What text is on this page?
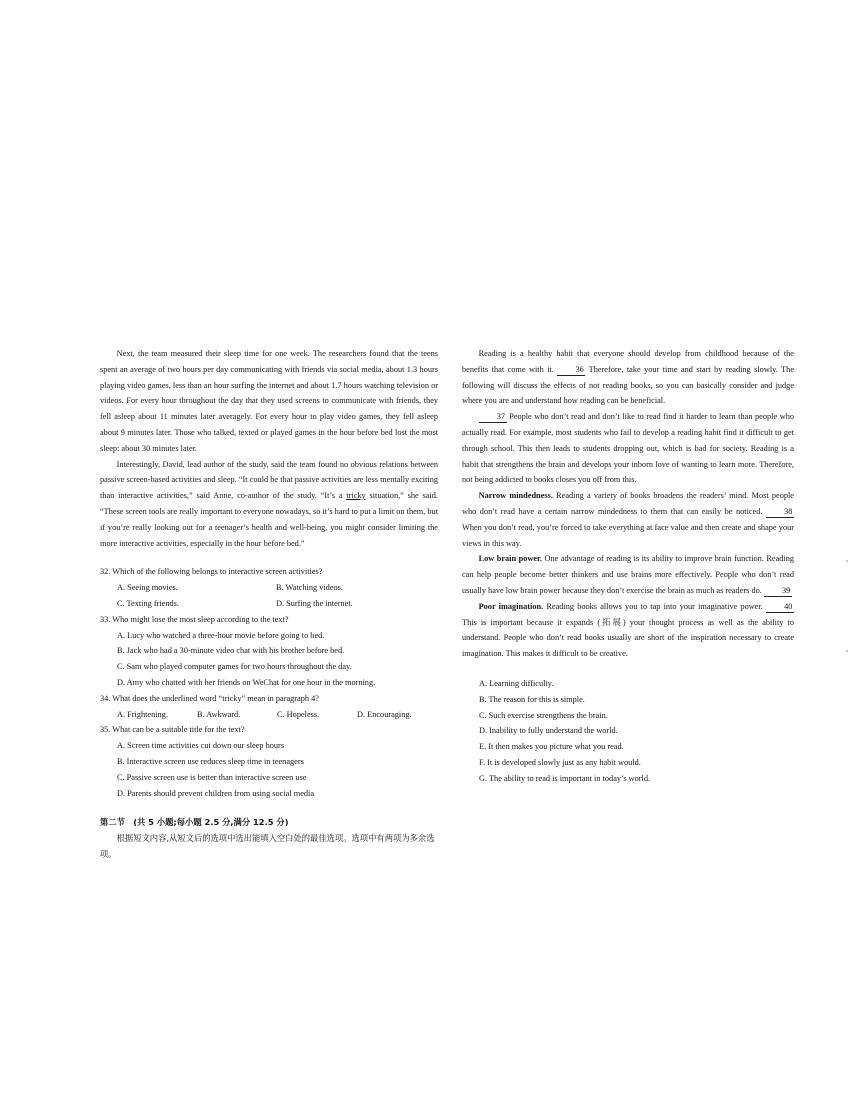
Next, the team measured their sleep time for one week. The researchers found that the teens spent an average of two hours per day communicating with friends via social media, about 1.3 hours playing video games, less than an hour surfing the internet and about 1.7 hours watching television or videos. For every hour throughout the day that they used screens to communicate with friends, they fell asleep about 11 minutes later averagely. For every hour to play video games, they fell asleep about 9 minutes later. Those who talked, texted or played games in the hour before bed lost the most sleep: about 30 minutes later.

Interestingly, David, lead author of the study, said the team found no obvious relations between passive screen-based activities and sleep. “It could be that passive activities are less mentally exciting than interactive activities,” said Anne, co-author of the study. “It’s a tricky situation,” she said. “These screen tools are really important to everyone nowadays, so it’s hard to put a limit on them, but if you’re really looking out for a teenager’s health and well-being, you might consider limiting the more interactive activities, especially in the hour before bed.”

32. Which of the following belongs to interactive screen activities?
A. Seeing movies.	B. Watching videos.
C. Texting friends.	D. Surfing the internet.
33. Who might lose the most sleep according to the text?
A. Lucy who watched a three-hour movie before going to bed.
B. Jack who had a 30-minute video chat with his brother before bed.
C. Sam who played computer games for two hours throughout the day.
D. Amy who chatted with her friends on WeChat for one hour in the morning.
34. What does the underlined word “tricky” mean in paragraph 4?
A. Frightening.	B. Awkward.	C. Hopeless.	D. Encouraging.
35. What can be a suitable title for the text?
A. Screen time activities cut down our sleep hours
B. Interactive screen use reduces sleep time in teenagers
C. Passive screen use is better than interactive screen use
D. Parents should prevent children from using social media
第二节　(共 5 小题;每小题 2.5 分,满分 12.5 分)
根据短文内容,从短文后的选项中选出能填入空白处的最佳选项。选项中有两项为多余选项。

Reading is a healthy habit that everyone should develop from childhood because of the benefits that come with it. 36 Therefore, take your time and start by reading slowly. The following will discuss the effects of not reading books, so you can basically consider and judge where you are and understand how reading can be beneficial.

37 People who don’t read and don’t like to read find it harder to learn than people who actually read. For example, most students who fail to develop a reading habit find it difficult to get through school. This then leads to students dropping out, which is bad for society. Reading is a habit that strengthens the brain and develops your inborn love of wanting to learn more. Therefore, not being addicted to books closes you off from this.

Narrow mindedness. Reading a variety of books broadens the readers’ mind. Most people who don’t read have a certain narrow mindedness to them that can easily be noticed. 38 When you don’t read, you’re forced to take everything at face value and then create and shape your views in this way.

Low brain power. One advantage of reading is its ability to improve brain function. Reading can help people become better thinkers and use brains more effectively. People who don’t read usually have low brain power because they don’t exercise the brain as much as readers do. 39

Poor imagination. Reading books allows you to tap into your imaginative power. 40 This is important because it expands (拓展) your thought process as well as the ability to understand. People who don’t read books usually are short of the inspiration necessary to create imagination. This makes it difficult to be creative.

A. Learning difficulty.
B. The reason for this is simple.
C. Such exercise strengthens the brain.
D. Inability to fully understand the world.
E. It then makes you picture what you read.
F. It is developed slowly just as any habit would.
G. The ability to read is important in today’s world.
